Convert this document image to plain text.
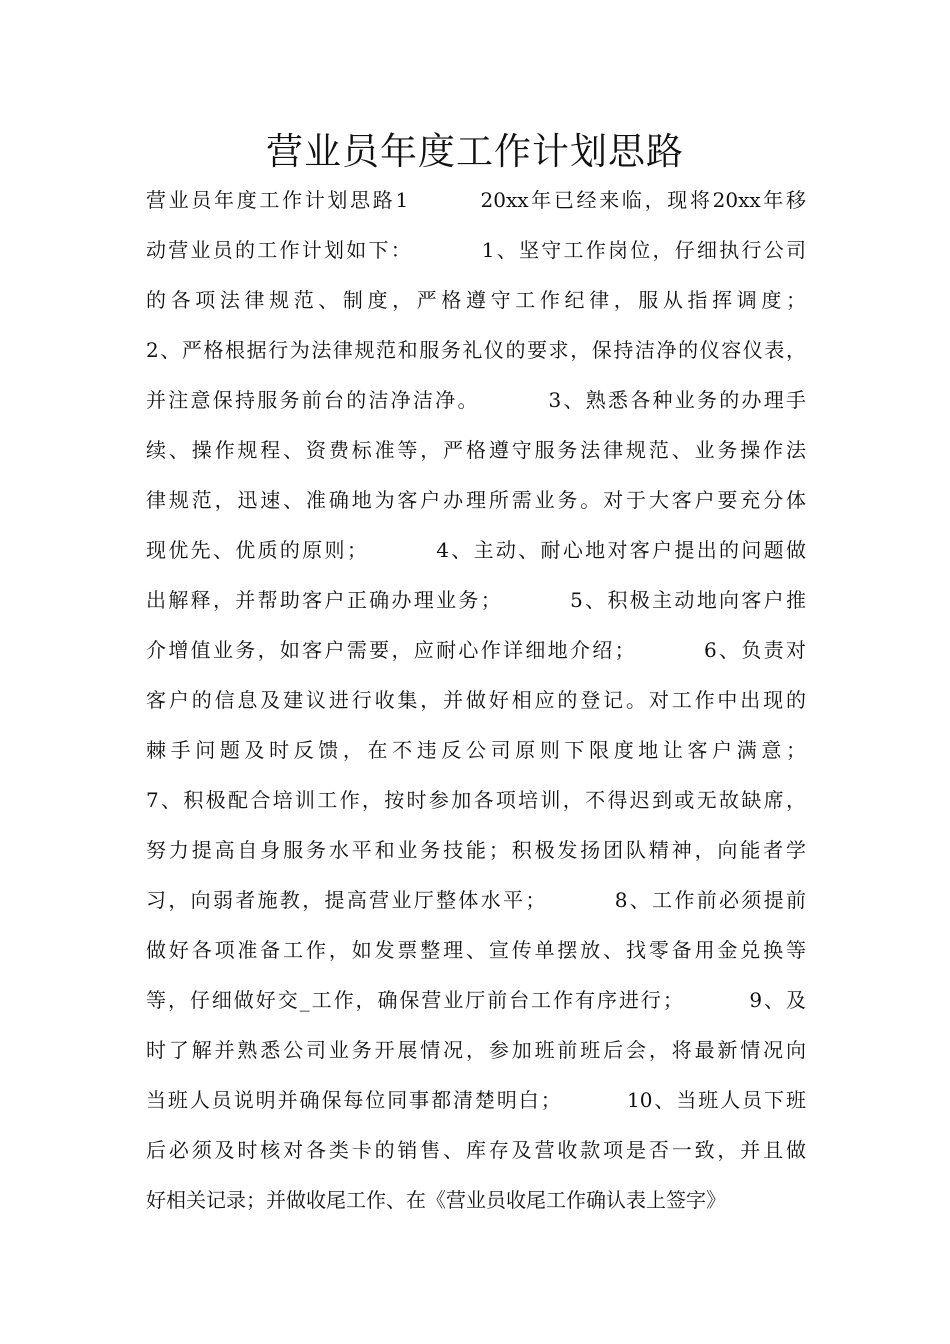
营业员年度工作计划思路
营业员年度工作计划思路1        20xx年已经来临，现将20xx年移
动营业员的工作计划如下：        1、坚守工作岗位，仔细执行公司
的各项法律规范、制度，严格遵守工作纪律，服从指挥调度；
2、严格根据行为法律规范和服务礼仪的要求，保持洁净的仪容仪表，
并注意保持服务前台的洁净洁净。        3、熟悉各种业务的办理手
续、操作规程、资费标准等，严格遵守服务法律规范、业务操作法
律规范，迅速、准确地为客户办理所需业务。对于大客户要充分体
现优先、优质的原则；        4、主动、耐心地对客户提出的问题做
出解释，并帮助客户正确办理业务；        5、积极主动地向客户推
介增值业务，如客户需要，应耐心作详细地介绍；        6、负责对
客户的信息及建议进行收集，并做好相应的登记。对工作中出现的
棘手问题及时反馈，在不违反公司原则下限度地让客户满意；
7、积极配合培训工作，按时参加各项培训，不得迟到或无故缺席，
努力提高自身服务水平和业务技能；积极发扬团队精神，向能者学
习，向弱者施教，提高营业厅整体水平；        8、工作前必须提前
做好各项准备工作，如发票整理、宣传单摆放、找零备用金兑换等
等，仔细做好交_工作，确保营业厅前台工作有序进行；        9、及
时了解并熟悉公司业务开展情况，参加班前班后会，将最新情况向
当班人员说明并确保每位同事都清楚明白；        10、当班人员下班
后必须及时核对各类卡的销售、库存及营收款项是否一致，并且做
好相关记录；并做收尾工作、在《营业员收尾工作确认表上签字》
